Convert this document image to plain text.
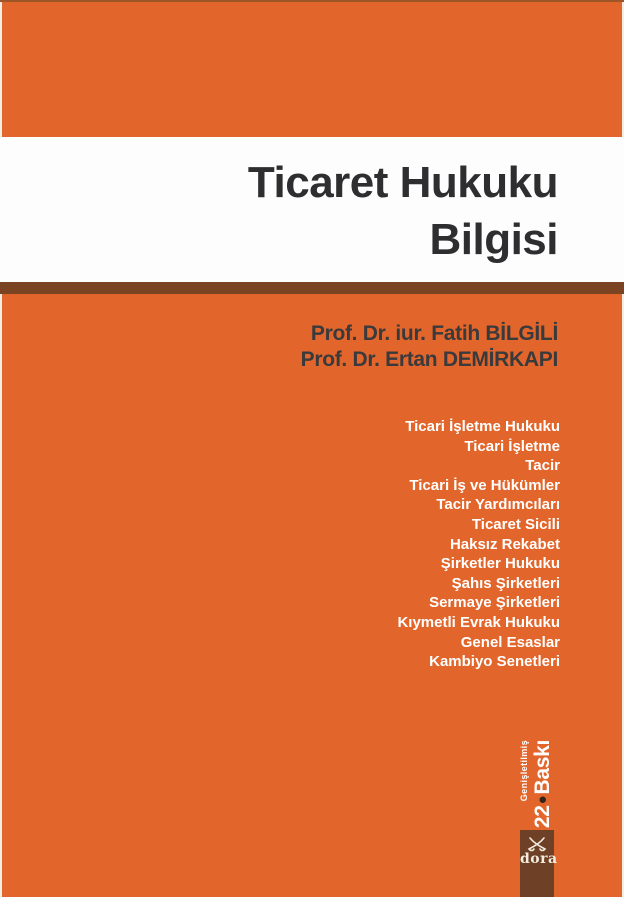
Ticaret Hukuku
Bilgisi
Prof. Dr. iur. Fatih BİLGİLİ
Prof. Dr. Ertan DEMİRKAPI
Ticari İşletme Hukuku
Ticari İşletme
Tacir
Ticari İş ve Hükümler
Tacir Yardımcıları
Ticaret Sicili
Haksız Rekabet
Şirketler Hukuku
Şahıs Şirketleri
Sermaye Şirketleri
Kıymetli Evrak Hukuku
Genel Esaslar
Kambiyo Senetleri
Genişletilmiş
22●Baskı
dora
